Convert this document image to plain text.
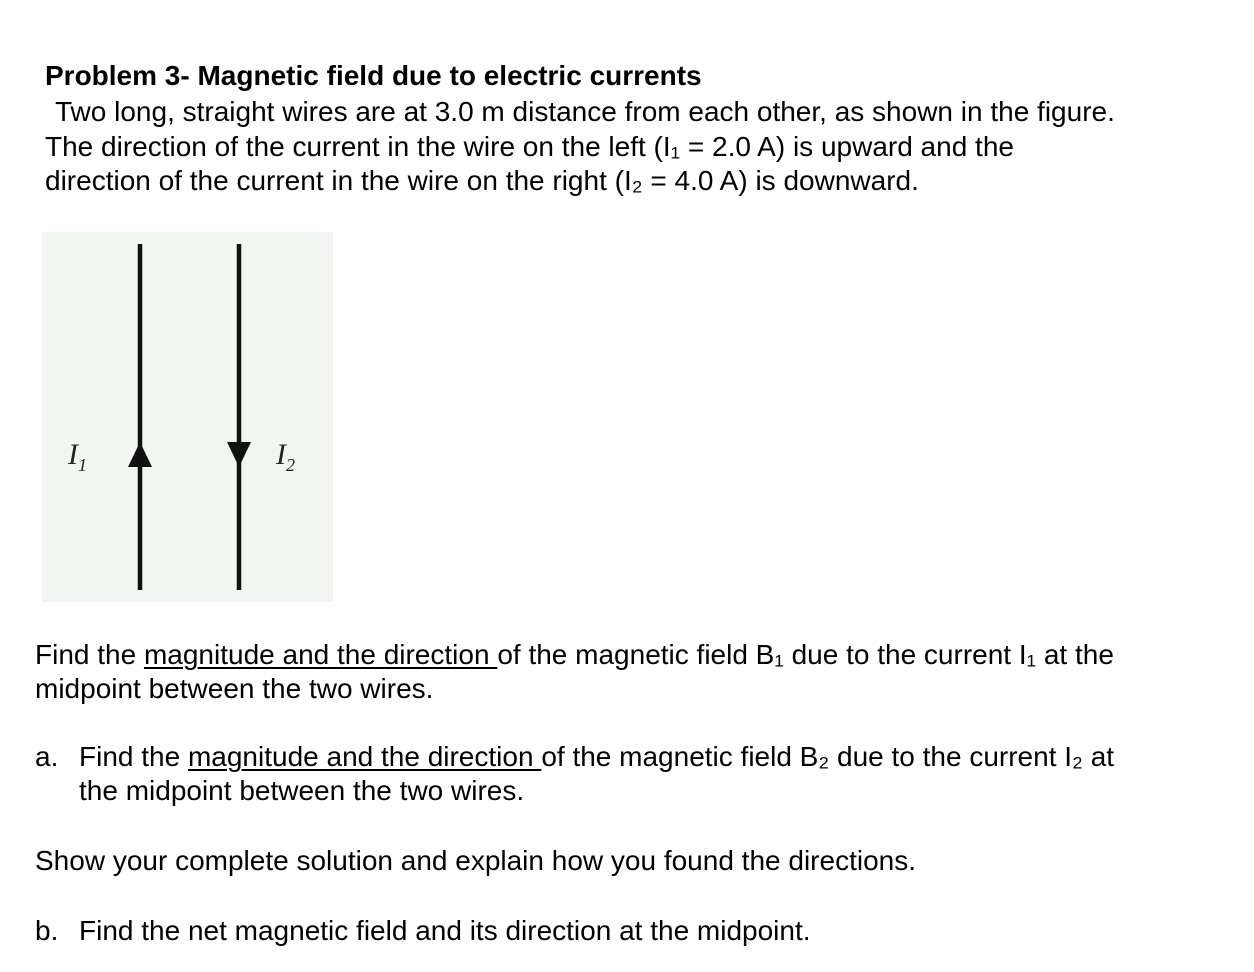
Problem 3- Magnetic field due to electric currents
Two long, straight wires are at 3.0 m distance from each other, as shown in the figure.
The direction of the current in the wire on the left (I₁ = 2.0 A) is upward and the
direction of the current in the wire on the right (I₂ = 4.0 A) is downward.
$I_1$	$I_2$
Find the magnitude and the direction of the magnetic field B₁ due to the current I₁ at the
midpoint between the two wires.
a. Find the magnitude and the direction of the magnetic field B₂ due to the current I₂ at
the midpoint between the two wires.
Show your complete solution and explain how you found the directions.
b. Find the net magnetic field and its direction at the midpoint.
